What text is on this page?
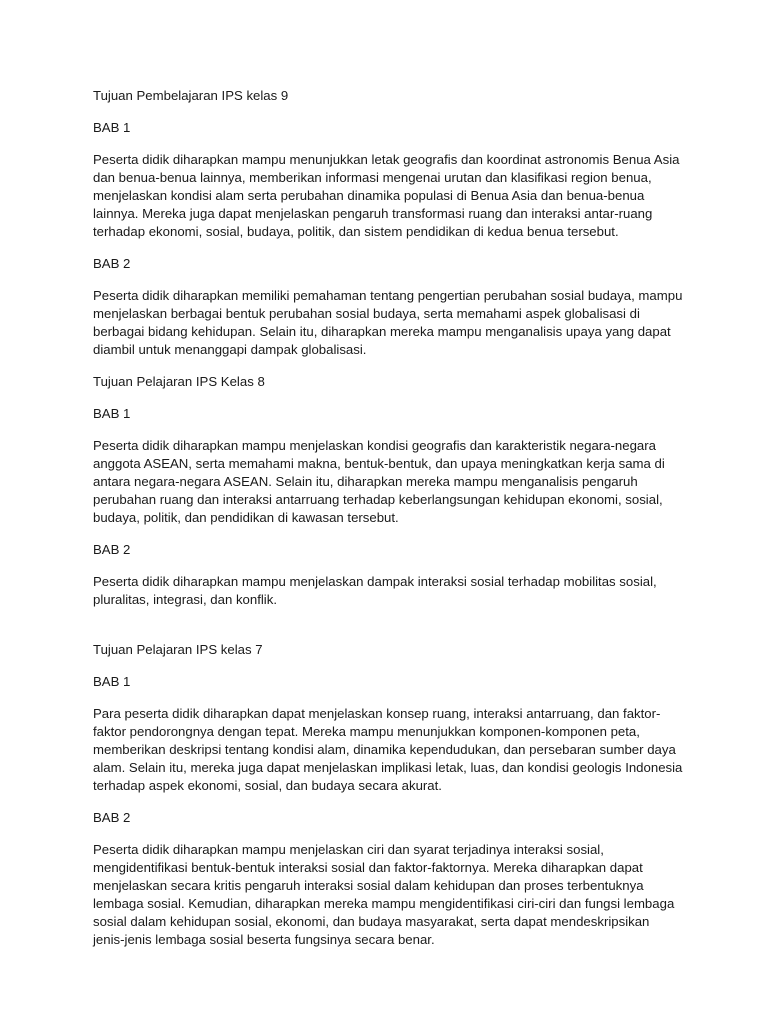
Tujuan Pembelajaran IPS kelas 9
BAB 1
Peserta didik diharapkan mampu menunjukkan letak geografis dan koordinat astronomis Benua Asia dan benua-benua lainnya, memberikan informasi mengenai urutan dan klasifikasi region benua, menjelaskan kondisi alam serta perubahan dinamika populasi di Benua Asia dan benua-benua lainnya. Mereka juga dapat menjelaskan pengaruh transformasi ruang dan interaksi antar-ruang terhadap ekonomi, sosial, budaya, politik, dan sistem pendidikan di kedua benua tersebut.
BAB 2
Peserta didik diharapkan memiliki pemahaman tentang pengertian perubahan sosial budaya, mampu menjelaskan berbagai bentuk perubahan sosial budaya, serta memahami aspek globalisasi di berbagai bidang kehidupan. Selain itu, diharapkan mereka mampu menganalisis upaya yang dapat diambil untuk menanggapi dampak globalisasi.
Tujuan Pelajaran IPS Kelas 8
BAB 1
Peserta didik diharapkan mampu menjelaskan kondisi geografis dan karakteristik negara-negara anggota ASEAN, serta memahami makna, bentuk-bentuk, dan upaya meningkatkan kerja sama di antara negara-negara ASEAN. Selain itu, diharapkan mereka mampu menganalisis pengaruh perubahan ruang dan interaksi antarruang terhadap keberlangsungan kehidupan ekonomi, sosial, budaya, politik, dan pendidikan di kawasan tersebut.
BAB 2
Peserta didik diharapkan mampu menjelaskan dampak interaksi sosial terhadap mobilitas sosial, pluralitas, integrasi, dan konflik.
Tujuan Pelajaran IPS kelas 7
BAB 1
Para peserta didik diharapkan dapat menjelaskan konsep ruang, interaksi antarruang, dan faktor-faktor pendorongnya dengan tepat. Mereka mampu menunjukkan komponen-komponen peta, memberikan deskripsi tentang kondisi alam, dinamika kependudukan, dan persebaran sumber daya alam. Selain itu, mereka juga dapat menjelaskan implikasi letak, luas, dan kondisi geologis Indonesia terhadap aspek ekonomi, sosial, dan budaya secara akurat.
BAB 2
Peserta didik diharapkan mampu menjelaskan ciri dan syarat terjadinya interaksi sosial, mengidentifikasi bentuk-bentuk interaksi sosial dan faktor-faktornya. Mereka diharapkan dapat menjelaskan secara kritis pengaruh interaksi sosial dalam kehidupan dan proses terbentuknya lembaga sosial. Kemudian, diharapkan mereka mampu mengidentifikasi ciri-ciri dan fungsi lembaga sosial dalam kehidupan sosial, ekonomi, dan budaya masyarakat, serta dapat mendeskripsikan jenis-jenis lembaga sosial beserta fungsinya secara benar.
